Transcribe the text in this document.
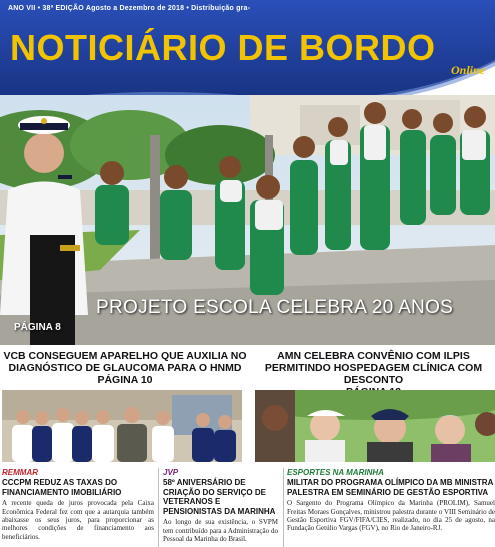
ANO VII • 38ª EDIÇÃO Agosto a Dezembro de 2018 • Distribuição gra-
NOTICIÁRIO DE BORDO
Online
PROJETO ESCOLA CELEBRA 20 ANOS
PÁGINA 8
VCB CONSEGUEM APARELHO QUE AUXILIA NO DIAGNÓSTICO DE GLAUCOMA PARA O HNMD
PÁGINA 10
AMN CELEBRA CONVÊNIO COM ILPIS PERMITINDO HOSPEDAGEM CLÍNICA COM DESCONTO
REMMAR
CCCPM REDUZ AS TAXAS DO FINANCIAMENTO IMOBILIÁRIO
A recente queda de juros provocada pela Caixa Econômica Federal fez com que a autarquia também abaixasse os seus juros, para proporcionar as melhores condições de financiamento aos beneficiários.
JVP
58º ANIVERSÁRIO DE CRIAÇÃO DO SERVIÇO DE VETERANOS E PENSIONISTAS DA MARINHA
Ao longo de sua existência, o SVPM tem contribuído para a Administração do Pessoal da Marinha do Brasil.
ESPORTES NA MARINHA
MILITAR DO PROGRAMA OLÍMPICO DA MB MINISTRA PALESTRA EM SEMINÁRIO DE GESTÃO ESPORTIVA
O Sargento do Programa Olímpico da Marinha (PROLIM), Samuel Freitas Moraes Gonçalves, ministrou palestra durante o VIII Seminário de Gestão Esportiva FGV/FIFA/CIES, realizado, no dia 25 de agosto, na Fundação Getúlio Vargas (FGV), no Rio de Janeiro-RJ.
